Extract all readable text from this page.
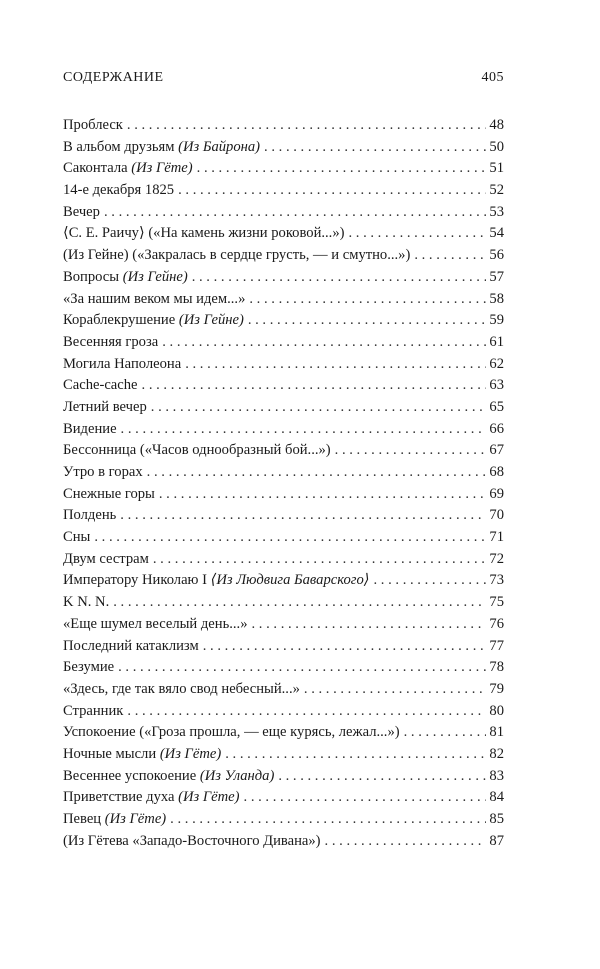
СОДЕРЖАНИЕ	405
Проблеск . . .	48
В альбом друзьям (Из Байрона) . . .	50
Саконтала (Из Гёте) . . .	51
14-е декабря 1825 . . .	52
Вечер . . .	53
⟨С. Е. Раичу⟩ («На камень жизни роковой...») . . .	54
(Из Гейне) («Закралась в сердце грусть, — и смутно...») . . .	56
Вопросы (Из Гейне) . . .	57
«За нашим веком мы идем...» . . .	58
Кораблекрушение (Из Гейне) . . .	59
Весенняя гроза . . .	61
Могила Наполеона . . .	62
Cache-cache . . .	63
Летний вечер . . .	65
Видение . . .	66
Бессонница («Часов однообразный бой...») . . .	67
Утро в горах . . .	68
Снежные горы . . .	69
Полдень . . .	70
Сны . . .	71
Двум сестрам . . .	72
Императору Николаю I ⟨Из Людвига Баварского⟩ . . .	73
K N. N. . . .	75
«Еще шумел веселый день...» . . .	76
Последний катаклизм . . .	77
Безумие . . .	78
«Здесь, где так вяло свод небесный...» . . .	79
Странник . . .	80
Успокоение («Гроза прошла, — еще курясь, лежал...») . . .	81
Ночные мысли (Из Гёте) . . .	82
Весеннее успокоение (Из Уланда) . . .	83
Приветствие духа (Из Гёте) . . .	84
Певец (Из Гёте) . . .	85
(Из Гётева «Западо-Восточного Дивана») . . .	87
